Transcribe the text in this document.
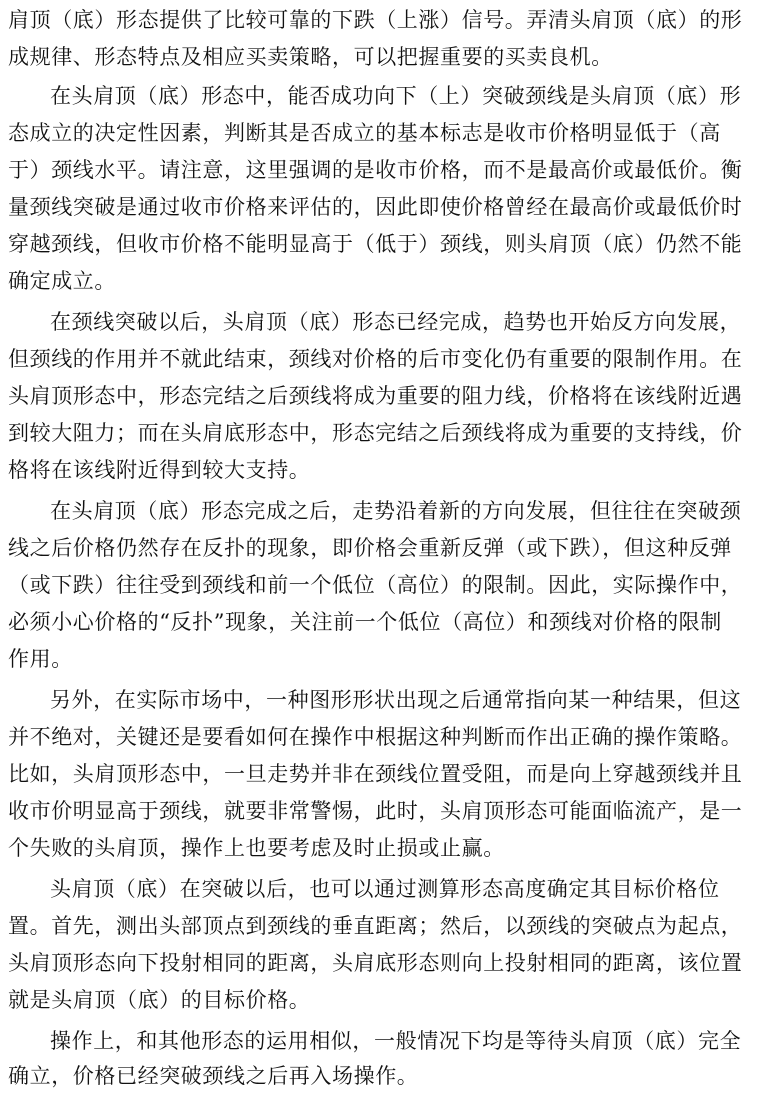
肩顶（底）形态提供了比较可靠的下跌（上涨）信号。弄清头肩顶（底）的形
成规律、形态特点及相应买卖策略，可以把握重要的买卖良机。
在头肩顶（底）形态中，能否成功向下（上）突破颈线是头肩顶（底）形
态成立的决定性因素，判断其是否成立的基本标志是收市价格明显低于（高
于）颈线水平。请注意，这里强调的是收市价格，而不是最高价或最低价。衡
量颈线突破是通过收市价格来评估的，因此即使价格曾经在最高价或最低价时
穿越颈线，但收市价格不能明显高于（低于）颈线，则头肩顶（底）仍然不能
确定成立。
在颈线突破以后，头肩顶（底）形态已经完成，趋势也开始反方向发展，
但颈线的作用并不就此结束，颈线对价格的后市变化仍有重要的限制作用。在
头肩顶形态中，形态完结之后颈线将成为重要的阻力线，价格将在该线附近遇
到较大阻力；而在头肩底形态中，形态完结之后颈线将成为重要的支持线，价
格将在该线附近得到较大支持。
在头肩顶（底）形态完成之后，走势沿着新的方向发展，但往往在突破颈
线之后价格仍然存在反扑的现象，即价格会重新反弹（或下跌），但这种反弹
（或下跌）往往受到颈线和前一个低位（高位）的限制。因此，实际操作中，
必须小心价格的“反扑”现象，关注前一个低位（高位）和颈线对价格的限制
作用。
另外，在实际市场中，一种图形形状出现之后通常指向某一种结果，但这
并不绝对，关键还是要看如何在操作中根据这种判断而作出正确的操作策略。
比如，头肩顶形态中，一旦走势并非在颈线位置受阻，而是向上穿越颈线并且
收市价明显高于颈线，就要非常警惕，此时，头肩顶形态可能面临流产，是一
个失败的头肩顶，操作上也要考虑及时止损或止赢。
头肩顶（底）在突破以后，也可以通过测算形态高度确定其目标价格位
置。首先，测出头部顶点到颈线的垂直距离；然后，以颈线的突破点为起点，
头肩顶形态向下投射相同的距离，头肩底形态则向上投射相同的距离，该位置
就是头肩顶（底）的目标价格。
操作上，和其他形态的运用相似，一般情况下均是等待头肩顶（底）完全
确立，价格已经突破颈线之后再入场操作。
